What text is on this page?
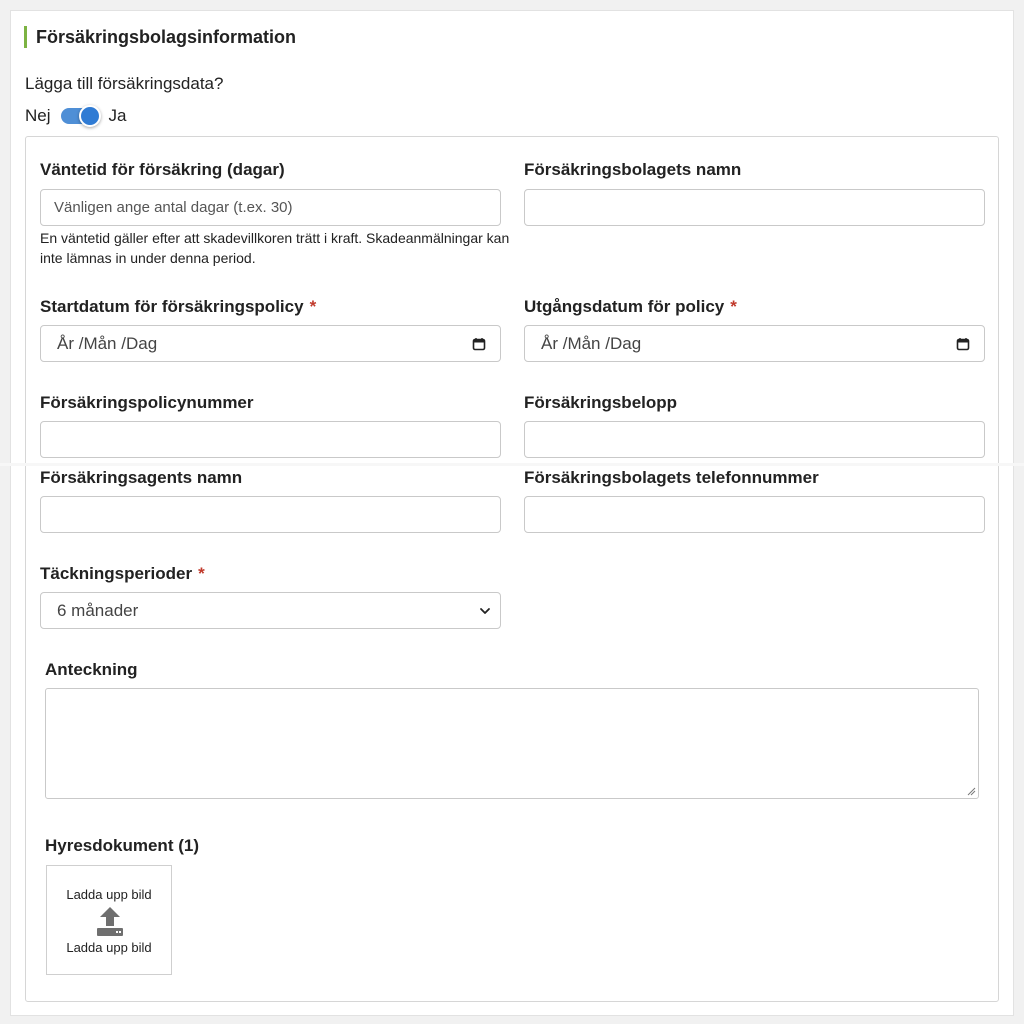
Försäkringsbolagsinformation
Lägga till försäkringsdata?
Nej	Ja
Väntetid för försäkring (dagar)
Vänligen ange antal dagar (t.ex. 30)
En väntetid gäller efter att skadevillkoren trätt i kraft. Skadeanmälningar kan inte lämnas in under denna period.
Försäkringsbolagets namn
Startdatum för försäkringspolicy *
År /Mån /Dag
Utgångsdatum för policy *
År /Mån /Dag
Försäkringspolicynummer	Försäkringsbelopp
Försäkringsagents namn	Försäkringsbolagets telefonnummer
Täckningsperioder *
6 månader
Anteckning
Hyresdokument (1)
Ladda upp bild
Ladda upp bild
